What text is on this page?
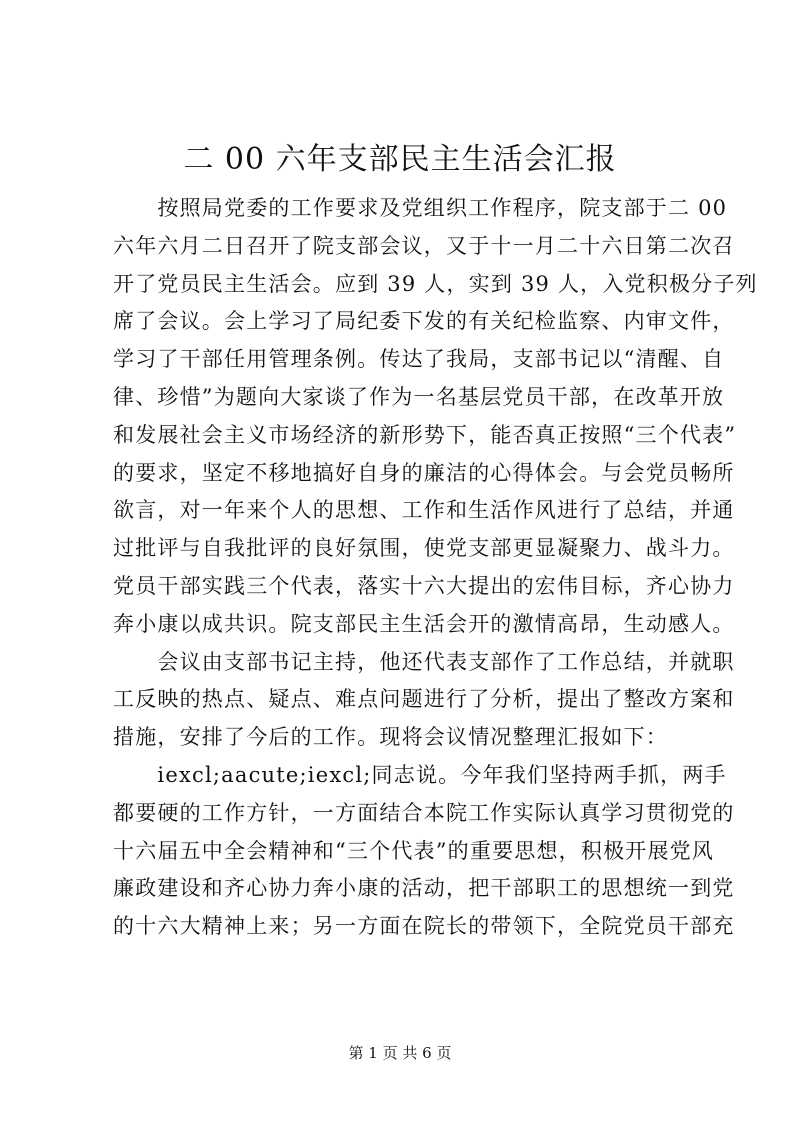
二 00 六年支部民主生活会汇报
　　按照局党委的工作要求及党组织工作程序，院支部于二 00
六年六月二日召开了院支部会议，又于十一月二十六日第二次召
开了党员民主生活会。应到 39 人，实到 39 人，入党积极分子列
席了会议。会上学习了局纪委下发的有关纪检监察、内审文件，
学习了干部任用管理条例。传达了我局，支部书记以“清醒、自
律、珍惜”为题向大家谈了作为一名基层党员干部，在改革开放
和发展社会主义市场经济的新形势下，能否真正按照“三个代表”
的要求，坚定不移地搞好自身的廉洁的心得体会。与会党员畅所
欲言，对一年来个人的思想、工作和生活作风进行了总结，并通
过批评与自我批评的良好氛围，使党支部更显凝聚力、战斗力。
党员干部实践三个代表，落实十六大提出的宏伟目标，齐心协力
奔小康以成共识。院支部民主生活会开的激情高昂，生动感人。
　　会议由支部书记主持，他还代表支部作了工作总结，并就职
工反映的热点、疑点、难点问题进行了分析，提出了整改方案和
措施，安排了今后的工作。现将会议情况整理汇报如下：
　　iexcl;aacute;iexcl;同志说。今年我们坚持两手抓，两手
都要硬的工作方针，一方面结合本院工作实际认真学习贯彻党的
十六届五中全会精神和“三个代表”的重要思想，积极开展党风
廉政建设和齐心协力奔小康的活动，把干部职工的思想统一到党
的十六大精神上来；另一方面在院长的带领下，全院党员干部充
第 1 页 共 6 页
